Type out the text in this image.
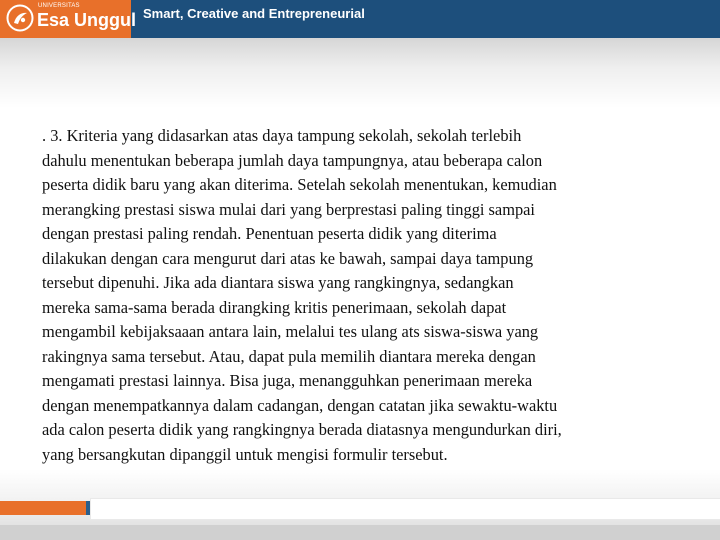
UNIVERSITAS
Esa Unggul Smart, Creative and Entrepreneurial
. 3. Kriteria yang didasarkan atas daya tampung sekolah, sekolah terlebih
dahulu menentukan beberapa jumlah daya tampungnya, atau beberapa calon
peserta didik baru yang akan diterima. Setelah sekolah menentukan, kemudian
merangking prestasi siswa mulai dari yang berprestasi paling tinggi sampai
dengan prestasi paling rendah. Penentuan peserta didik yang diterima
dilakukan dengan cara mengurut dari atas ke bawah, sampai daya tampung
tersebut dipenuhi. Jika ada diantara siswa yang rangkingnya, sedangkan
mereka sama-sama berada dirangking kritis penerimaan, sekolah dapat
mengambil kebijaksaaan antara lain, melalui tes ulang ats siswa-siswa yang
rakingnya sama tersebut. Atau, dapat pula memilih diantara mereka dengan
mengamati prestasi lainnya. Bisa juga, menangguhkan penerimaan mereka
dengan menempatkannya dalam cadangan, dengan catatan jika sewaktu-waktu
ada calon peserta didik yang rangkingnya berada diatasnya mengundurkan diri,
yang bersangkutan dipanggil untuk mengisi formulir tersebut.
